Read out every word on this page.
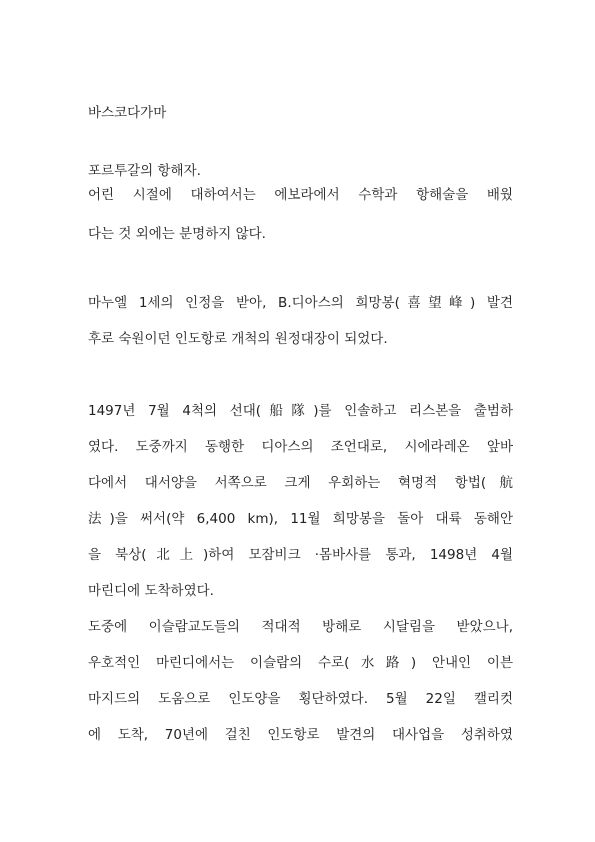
바스코다가마
포르투갈의 항해자.
어린 시절에 대하여서는 에보라에서 수학과 항해술을 배웠
다는 것 외에는 분명하지 않다.
마누엘 1세의 인정을 받아, B.디아스의 희망봉(喜望峰) 발견
후로 숙원이던 인도항로 개척의 원정대장이 되었다.
1497년 7월 4척의 선대(船隊)를 인솔하고 리스본을 출범하
였다. 도중까지 동행한 디아스의 조언대로, 시에라레온 앞바
다에서 대서양을 서쪽으로 크게 우회하는 혁명적 항법(航
法)을 써서(약 6,400 km), 11월 희망봉을 돌아 대륙 동해안
을 북상(北上)하여 모잠비크 ·몸바사를 통과, 1498년 4월
마린디에 도착하였다.
도중에 이슬람교도들의 적대적 방해로 시달림을 받았으나,
우호적인 마린디에서는 이슬람의 수로(水路) 안내인 이븐
마지드의 도움으로 인도양을 횡단하였다. 5월 22일 캘리컷
에 도착, 70년에 걸친 인도항로 발견의 대사업을 성취하였
